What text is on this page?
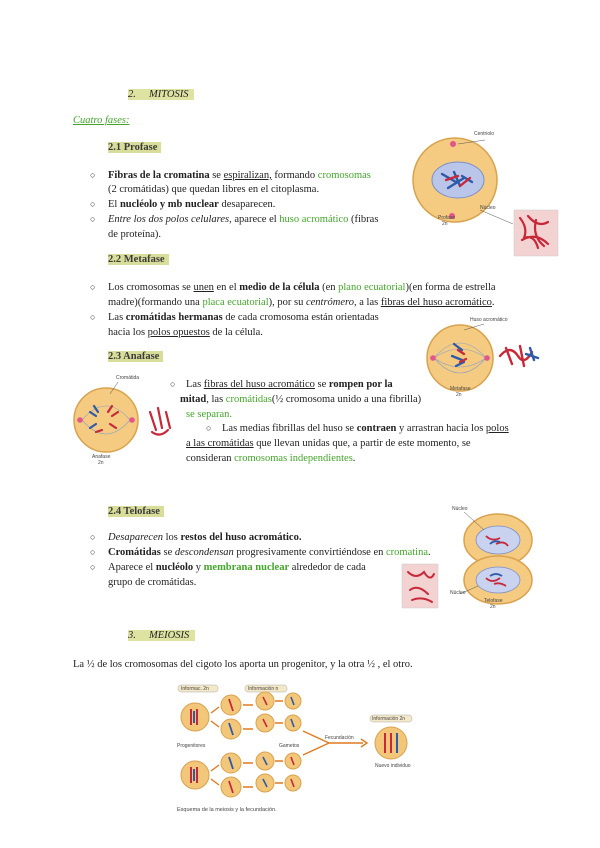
2. MITOSIS
Cuatro fases:
2.1 Profase
○ Fibras de la cromatina se espiralizan, formando cromosomas
(2 cromátidas) que quedan libres en el citoplasma.
○ El nucléolo y mb nuclear desaparecen.
○ Entre los dos polos celulares, aparece el huso acromático (fibras
de proteína).
Centriolo
Profase
2n
Núcleo
2.2 Metafase
○ Los cromosomas se unen en el medio de la célula (en plano ecuatorial)(en forma de estrella
madre)(formando una placa ecuatorial), por su centrómero, a las fibras del huso acromático.
○ Las cromátidas hermanas de cada cromosoma están orientadas
hacia los polos opuestos de la célula.
Huso acromático
Metafase
2n
2.3 Anafase
Cromátida
Anafase
2n
○ Las fibras del huso acromático se rompen por la
mitad, las cromátidas(½ cromosoma unido a una fibrilla)
se separan.
○ Las medias fibrillas del huso se contraen y arrastran hacia los polos
a las cromátidas que llevan unidas que, a partir de este momento, se
consideran cromosomas independientes.
2.4 Telofase
○ Desaparecen los restos del huso acromático.
○ Cromátidas se descondensan progresivamente convirtiéndose en cromatina.
○ Aparece el nucléolo y membrana nuclear alrededor de cada
grupo de cromátidas.
Núcleo
Núcleo
Telofase
2n
3. MEIOSIS
La ½ de los cromosomas del cigoto los aporta un progenitor, y la otra ½ , el otro.
Informac. 2n	Información n
Información 2n
Progenitores	Gametos
Fecundación
Nuevo individuo
Esquema de la meiosis y la fecundación.
